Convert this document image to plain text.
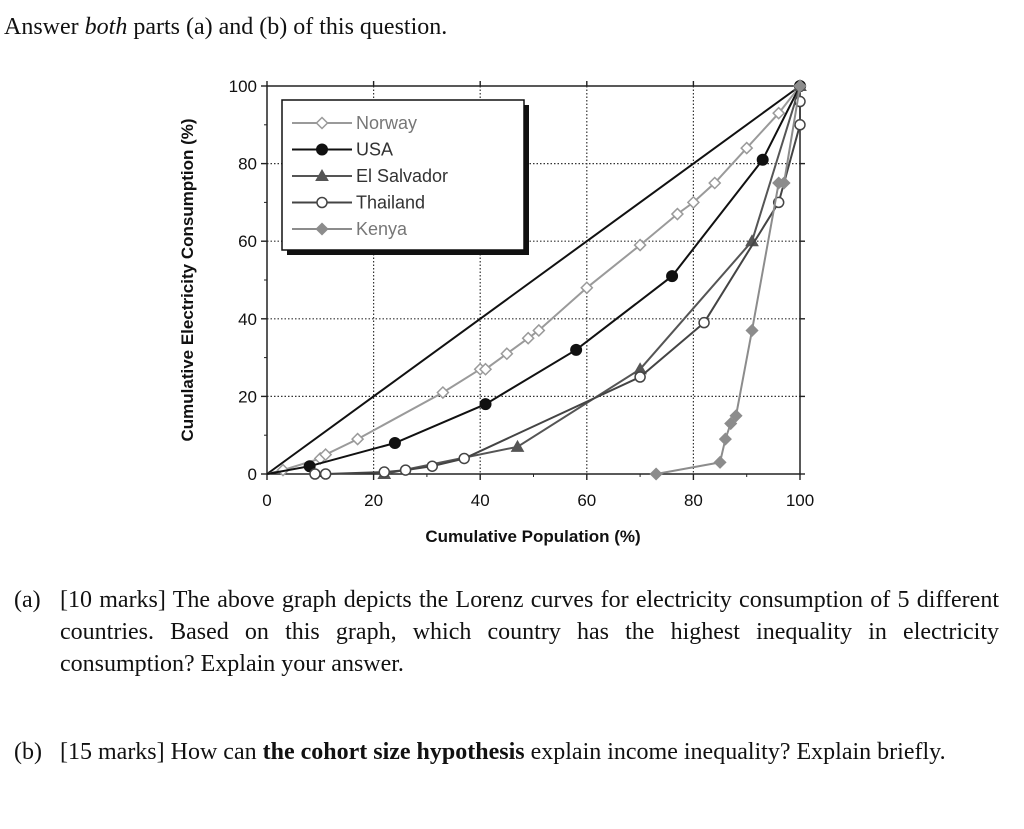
Answer both parts (a) and (b) of this question.
0	20	40	60	80	100
0
20
40
60
80
100
Norway
USA
El Salvador
Thailand
Kenya
Cumulative Population (%)
Cumulative Electricity Consumption (%)
(a) [10 marks] The above graph depicts the Lorenz curves for electricity consumption of 5 different countries. Based on this graph, which country has the highest inequality in electricity consumption? Explain your answer.
(b) [15 marks] How can the cohort size hypothesis explain income inequality? Explain briefly.
